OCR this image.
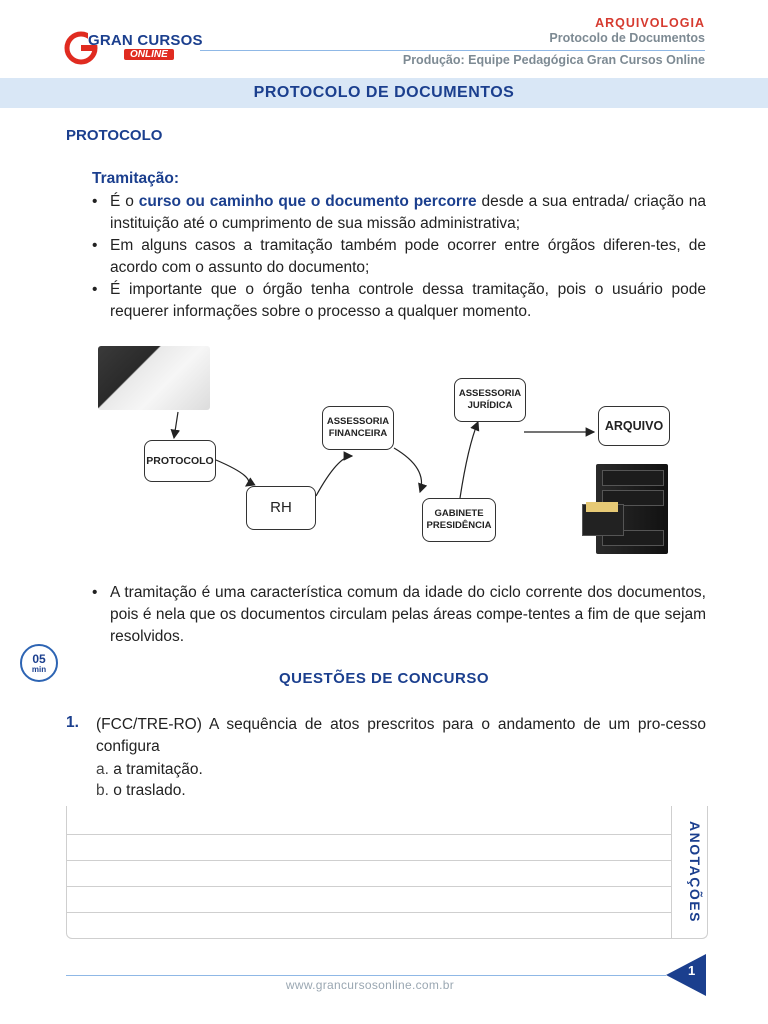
GRAN CURSOS
ONLINE
ARQUIVOLOGIA
Protocolo de Documentos
Produção: Equipe Pedagógica Gran Cursos Online
PROTOCOLO DE DOCUMENTOS
PROTOCOLO
Tramitação:
• É o curso ou caminho que o documento percorre desde a sua entrada/ criação na instituição até o cumprimento de sua missão administrativa;
• Em alguns casos a tramitação também pode ocorrer entre órgãos diferen-tes, de acordo com o assunto do documento;
• É importante que o órgão tenha controle dessa tramitação, pois o usuário pode requerer informações sobre o processo a qualquer momento.
PROTOCOLO
RH
ASSESSORIA
FINANCEIRA
GABINETE
PRESIDÊNCIA
ASSESSORIA
JURÍDICA
ARQUIVO
• A tramitação é uma característica comum da idade do ciclo corrente dos documentos, pois é nela que os documentos circulam pelas áreas compe-tentes a fim de que sejam resolvidos.
05
min
QUESTÕES DE CONCURSO
1. (FCC/TRE-RO) A sequência de atos prescritos para o andamento de um pro-cesso configura
a. a tramitação.
b. o traslado.
ANOTAÇÕES
www.grancursosonline.com.br
1
